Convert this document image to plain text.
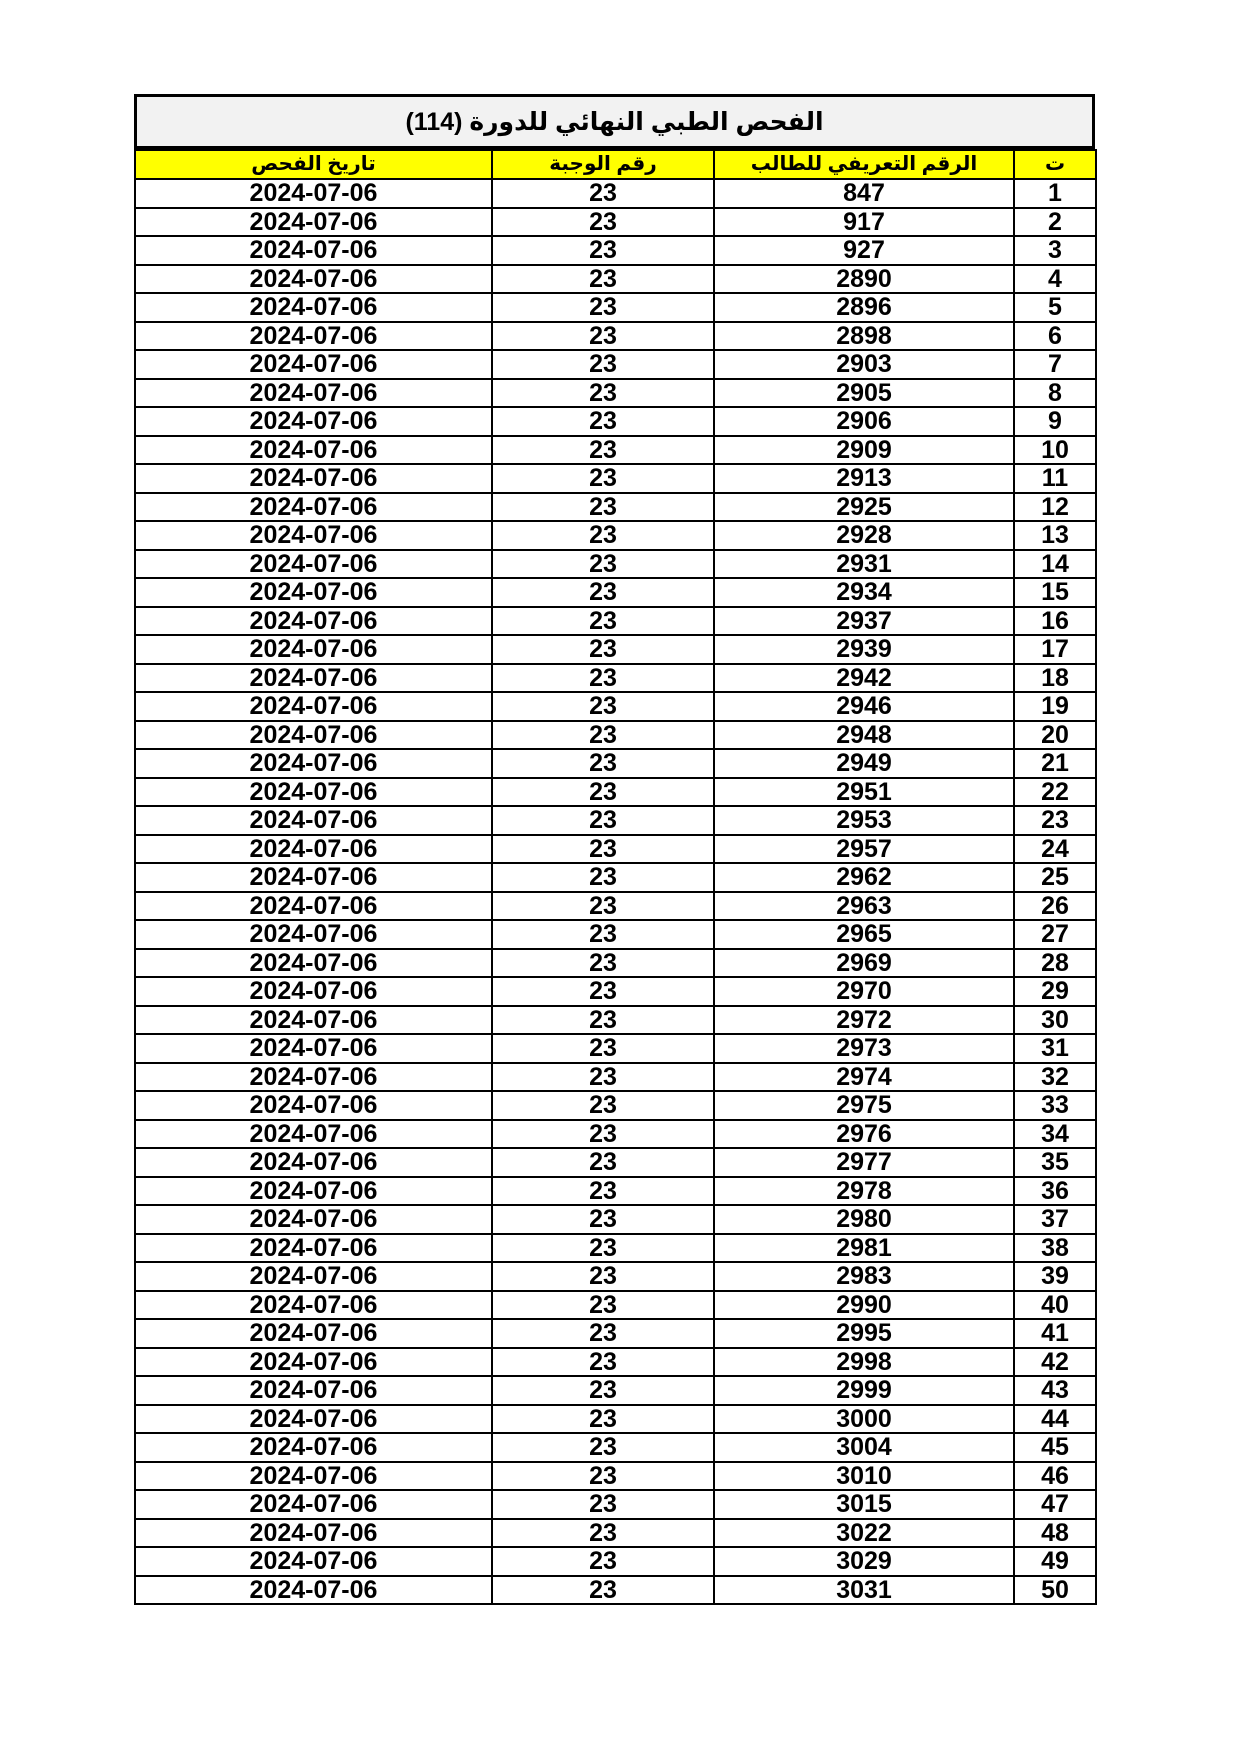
الفحص الطبي النهائي للدورة (114)
ت	الرقم التعريفي للطالب	رقم الوجبة	تاريخ الفحص
1	847	23	2024-07-06
2	917	23	2024-07-06
3	927	23	2024-07-06
4	2890	23	2024-07-06
5	2896	23	2024-07-06
6	2898	23	2024-07-06
7	2903	23	2024-07-06
8	2905	23	2024-07-06
9	2906	23	2024-07-06
10	2909	23	2024-07-06
11	2913	23	2024-07-06
12	2925	23	2024-07-06
13	2928	23	2024-07-06
14	2931	23	2024-07-06
15	2934	23	2024-07-06
16	2937	23	2024-07-06
17	2939	23	2024-07-06
18	2942	23	2024-07-06
19	2946	23	2024-07-06
20	2948	23	2024-07-06
21	2949	23	2024-07-06
22	2951	23	2024-07-06
23	2953	23	2024-07-06
24	2957	23	2024-07-06
25	2962	23	2024-07-06
26	2963	23	2024-07-06
27	2965	23	2024-07-06
28	2969	23	2024-07-06
29	2970	23	2024-07-06
30	2972	23	2024-07-06
31	2973	23	2024-07-06
32	2974	23	2024-07-06
33	2975	23	2024-07-06
34	2976	23	2024-07-06
35	2977	23	2024-07-06
36	2978	23	2024-07-06
37	2980	23	2024-07-06
38	2981	23	2024-07-06
39	2983	23	2024-07-06
40	2990	23	2024-07-06
41	2995	23	2024-07-06
42	2998	23	2024-07-06
43	2999	23	2024-07-06
44	3000	23	2024-07-06
45	3004	23	2024-07-06
46	3010	23	2024-07-06
47	3015	23	2024-07-06
48	3022	23	2024-07-06
49	3029	23	2024-07-06
50	3031	23	2024-07-06
